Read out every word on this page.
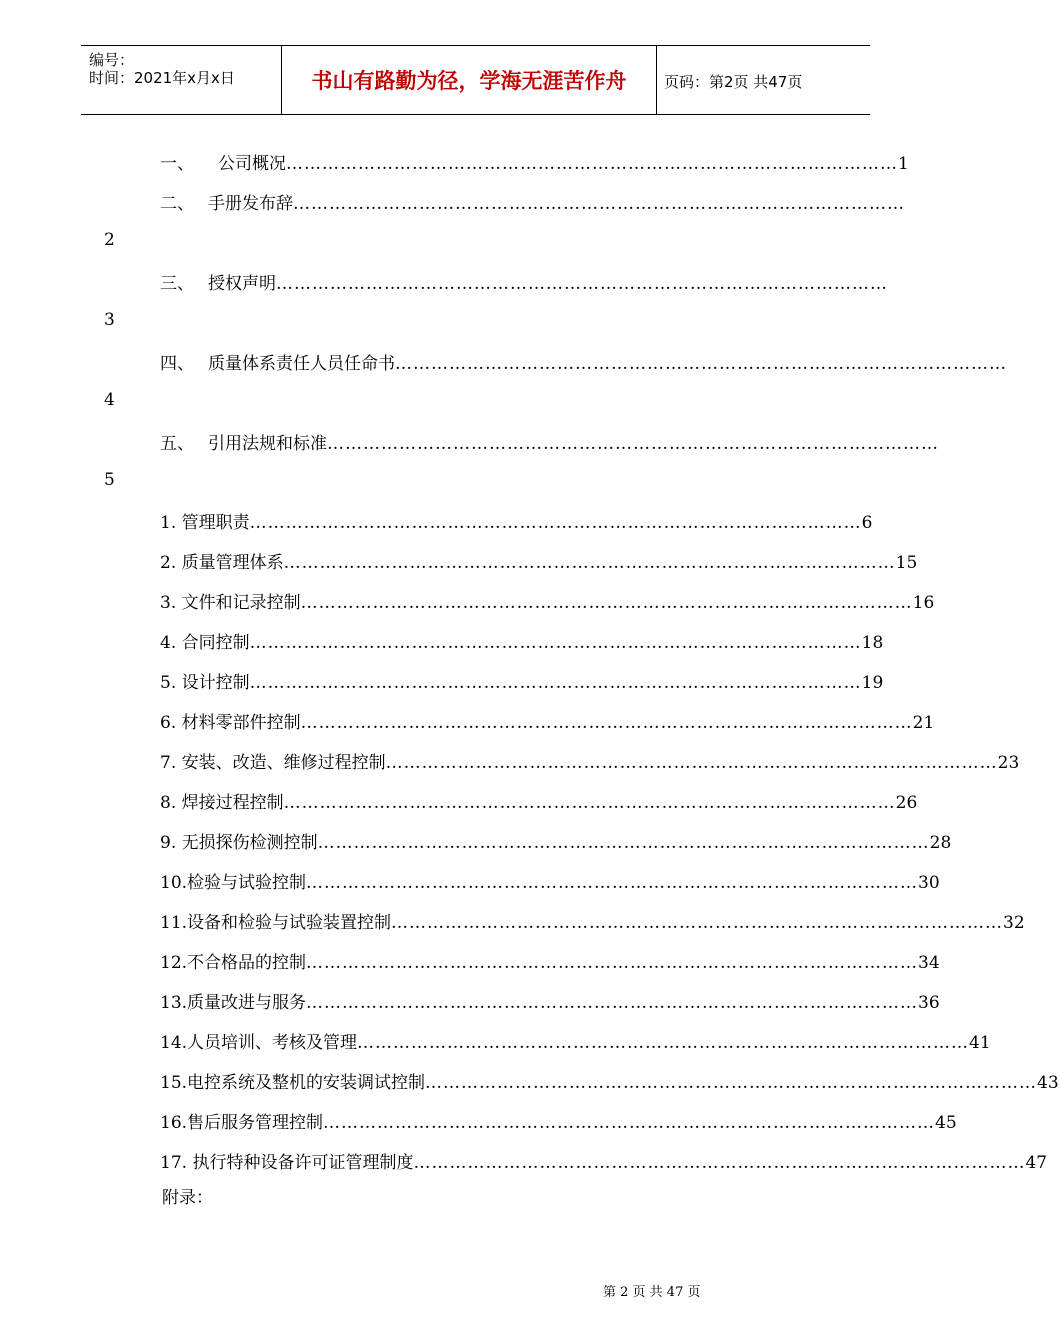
编号：
时间：2021年x月x日	书山有路勤为径，学海无涯苦作舟	页码：第2页 共47页
一、	公司概况 ………………………………………………………………………………………… 1
二、 手册发布辞 …………………………………………………………………………………………
2
三、 授权声明 …………………………………………………………………………………………
3
四、 质量体系责任人员任命书 …………………………………………………………………………………………
4
五、 引用法规和标准 …………………………………………………………………………………………
5
1. 管理职责 ………………………………………………………………………………………… 6
2. 质量管理体系 ………………………………………………………………………………………… 15
3. 文件和记录控制 ………………………………………………………………………………………… 16
4. 合同控制 ………………………………………………………………………………………… 18
5. 设计控制 ………………………………………………………………………………………… 19
6. 材料零部件控制 ………………………………………………………………………………………… 21
7. 安装、改造、维修过程控制 ………………………………………………………………………………………… 23
8. 焊接过程控制 ………………………………………………………………………………………… 26
9. 无损探伤检测控制 ………………………………………………………………………………………… 28
10.检验与试验控制 ………………………………………………………………………………………… 30
11.设备和检验与试验装置控制 ………………………………………………………………………………………… 32
12.不合格品的控制 ………………………………………………………………………………………… 34
13.质量改进与服务 ………………………………………………………………………………………… 36
14.人员培训、考核及管理 ………………………………………………………………………………………… 41
15.电控系统及整机的安装调试控制 ………………………………………………………………………………………… 43
16.售后服务管理控制 ………………………………………………………………………………………… 45
17. 执行特种设备许可证管理制度 ………………………………………………………………………………………… 47
附录：
第 2 页 共 47 页
